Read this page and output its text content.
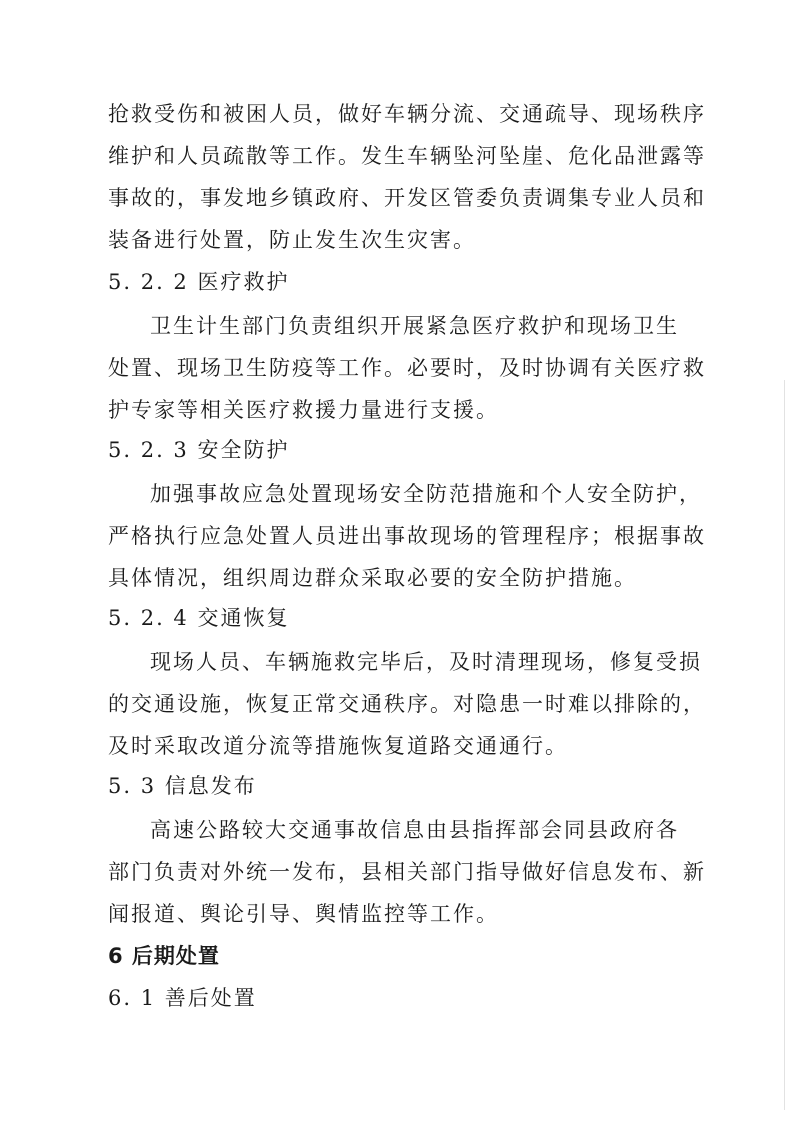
抢救受伤和被困人员，做好车辆分流、交通疏导、现场秩序
维护和人员疏散等工作。发生车辆坠河坠崖、危化品泄露等
事故的，事发地乡镇政府、开发区管委负责调集专业人员和
装备进行处置，防止发生次生灾害。
5. 2. 2 医疗救护
卫生计生部门负责组织开展紧急医疗救护和现场卫生
处置、现场卫生防疫等工作。必要时，及时协调有关医疗救
护专家等相关医疗救援力量进行支援。
5. 2. 3 安全防护
加强事故应急处置现场安全防范措施和个人安全防护，
严格执行应急处置人员进出事故现场的管理程序；根据事故
具体情况，组织周边群众采取必要的安全防护措施。
5. 2. 4 交通恢复
现场人员、车辆施救完毕后，及时清理现场，修复受损
的交通设施，恢复正常交通秩序。对隐患一时难以排除的，
及时采取改道分流等措施恢复道路交通通行。
5. 3 信息发布
高速公路较大交通事故信息由县指挥部会同县政府各
部门负责对外统一发布，县相关部门指导做好信息发布、新
闻报道、舆论引导、舆情监控等工作。
6 后期处置
6. 1 善后处置
